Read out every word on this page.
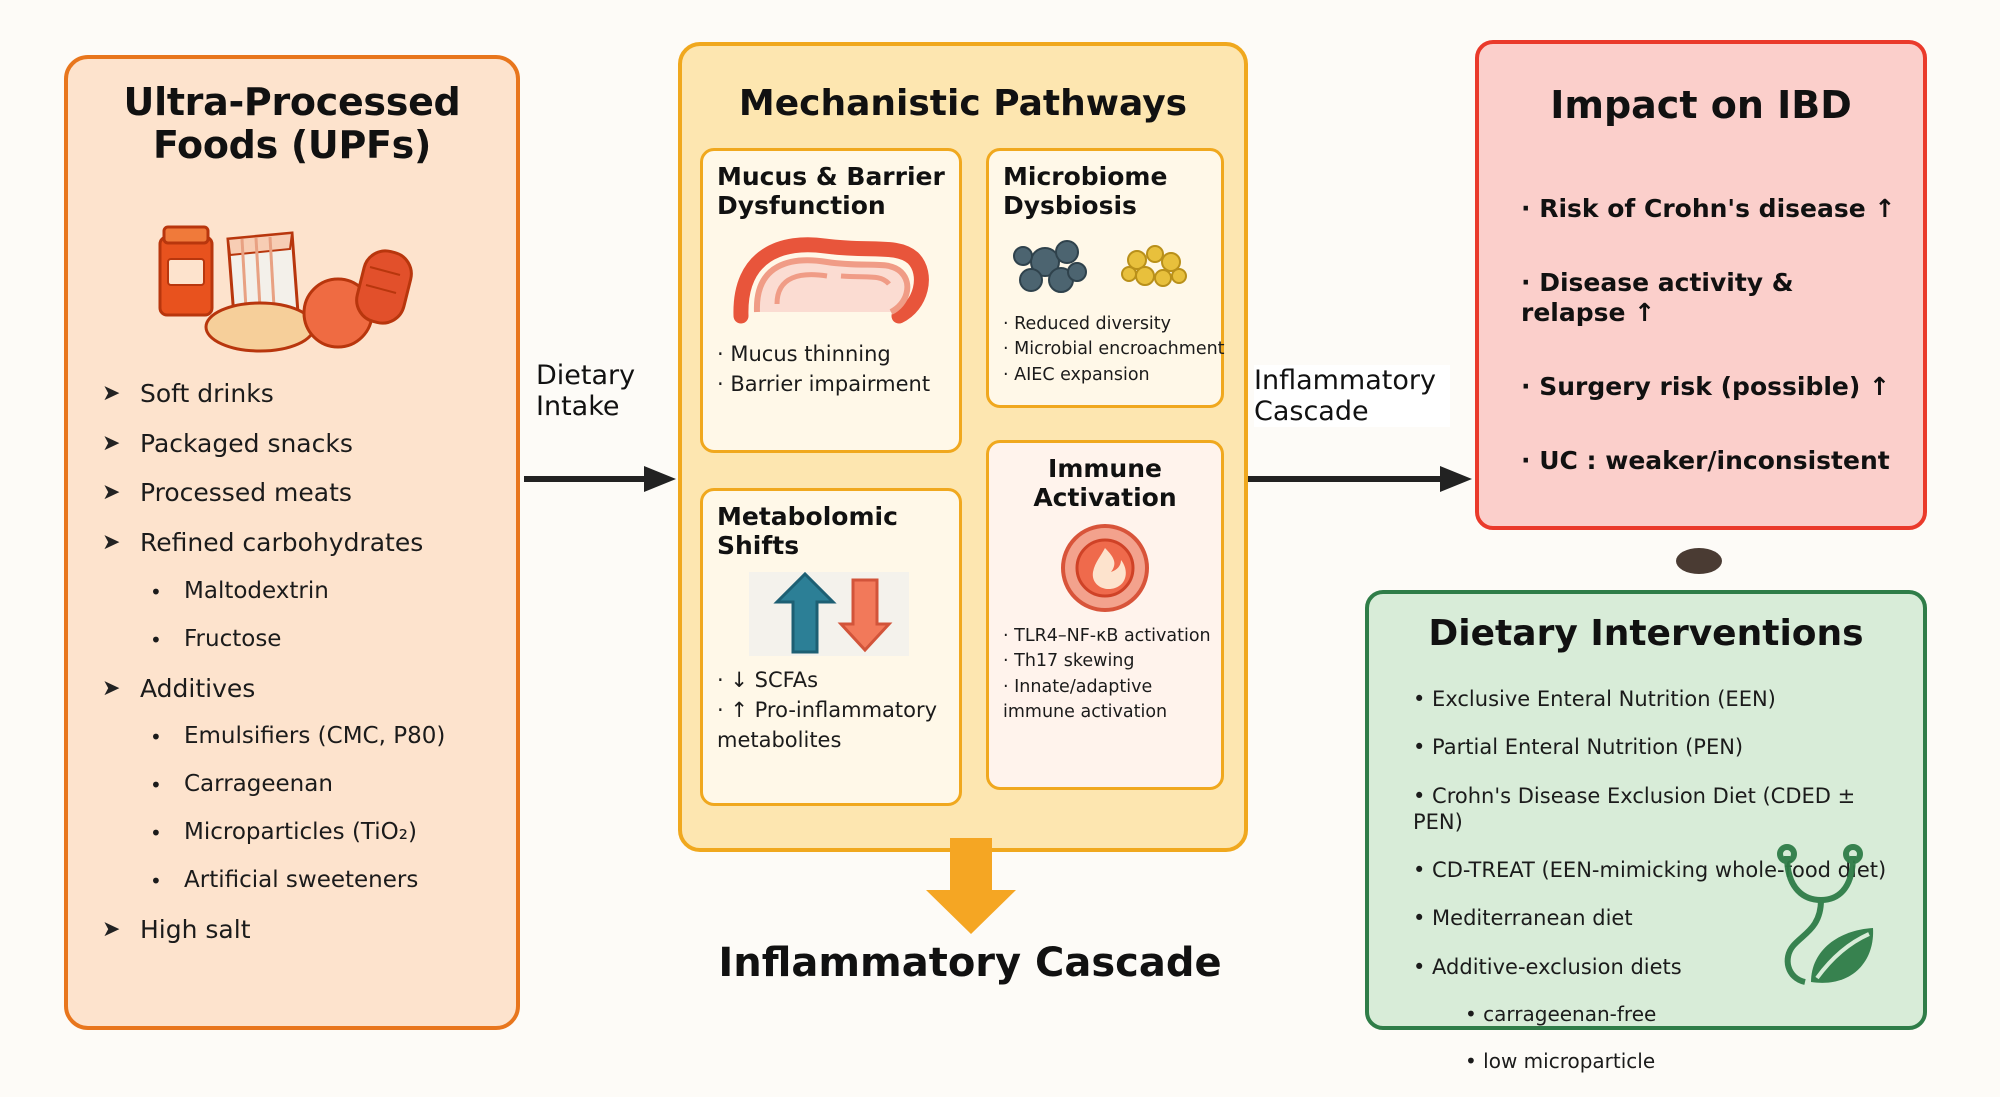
Ultra-Processed
Foods (UPFs)
➤ Soft drinks
➤ Packaged snacks
➤ Processed meats
➤ Refined carbohydrates
• Maltodextrin
• Fructose
➤ Additives
• Emulsifiers (CMC, P80)
• Carrageenan
• Microparticles (TiO₂)
• Artificial sweeteners
➤ High salt
Mechanistic Pathways
Mucus & Barrier
Dysfunction
· Mucus thinning
· Barrier impairment
Microbiome
Dysbiosis
· Reduced diversity
· Microbial encroachment
· AIEC expansion
Metabolomic
Shifts
· ↓ SCFAs
· ↑ Pro-inflammatory metabolites
Immune
Activation
· TLR4–NF-κB activation
· Th17 skewing
· Innate/adaptive immune activation
Impact on IBD
· Risk of Crohn's disease ↑
· Disease activity & relapse ↑
· Surgery risk (possible) ↑
· UC : weaker/inconsistent
Dietary Interventions
• Exclusive Enteral Nutrition (EEN)
• Partial Enteral Nutrition (PEN)
• Crohn's Disease Exclusion Diet (CDED ± PEN)
• CD-TREAT (EEN-mimicking whole-food diet)
• Mediterranean diet
• Additive-exclusion diets
• carrageenan-free
• low microparticle
Dietary
Intake
Inflammatory
Cascade
Inflammatory Cascade
